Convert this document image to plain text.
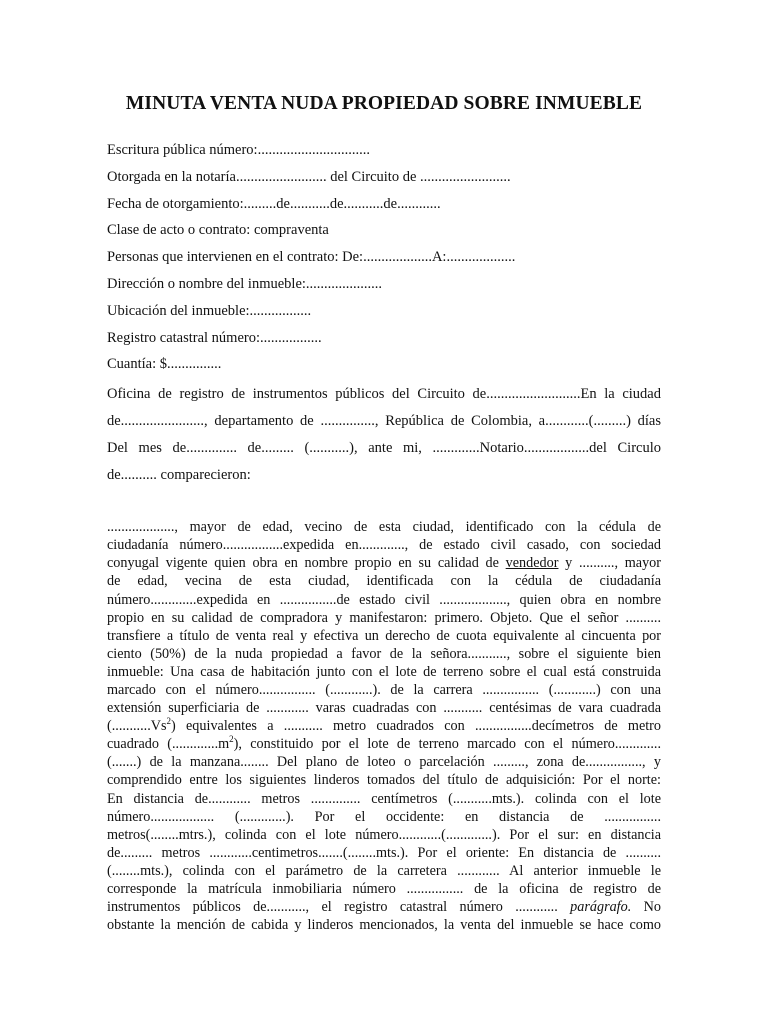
MINUTA VENTA NUDA PROPIEDAD SOBRE INMUEBLE
Escritura pública número:...............................
Otorgada en la notaría......................... del Circuito de .........................
Fecha de otorgamiento:.........de...........de...........de............
Clase de acto o contrato: compraventa
Personas que intervienen en el contrato: De:...................A:...................
Dirección o nombre del inmueble:.....................
Ubicación del inmueble:.................
Registro catastral número:.................
Cuantía: $...............
Oficina de registro de instrumentos públicos del Circuito de..........................En la ciudad
de......................., departamento de ..............., República de Colombia, a............(.........) días
Del mes de.............. de......... (...........), ante mi, .............Notario..................del Circulo
de.......... comparecieron:
..................., mayor de edad, vecino de esta ciudad, identificado con la cédula de
ciudadanía número.................expedida en............., de estado civil casado, con sociedad
conyugal vigente quien obra en nombre propio en su calidad de vendedor y .........., mayor
de edad, vecina de esta ciudad, identificada con la cédula de ciudadanía
número.............expedida en ................de estado civil ..................., quien obra en nombre
propio en su calidad de compradora y manifestaron: primero. Objeto. Que el señor ..........
transfiere a título de venta real y efectiva un derecho de cuota equivalente al cincuenta por
ciento (50%) de la nuda propiedad a favor de la señora..........., sobre el siguiente bien
inmueble: Una casa de habitación junto con el lote de terreno sobre el cual está construida
marcado con el número................ (............). de la carrera ................ (............) con una
extensión superficiaria de ............ varas cuadradas con ........... centésimas de vara cuadrada
(...........Vs$^2$) equivalentes a ........... metro cuadrados con ................decímetros de metro
cuadrado $(.............m^2)$, constituido por el lote de terreno marcado con el número.............
(.......) de la manzana........ Del plano de loteo o parcelación ........., zona de................, y
comprendido entre los siguientes linderos tomados del título de adquisición: Por el norte:
En distancia de............ metros .............. centímetros (...........mts.). colinda con el lote
número.................. (.............). Por el occidente: en distancia de ................
metros(........mtrs.), colinda con el lote número............(.............). Por el sur: en distancia
de......... metros ............centimetros.......(........mts.). Por el oriente: En distancia de ..........
(........mts.), colinda con el parámetro de la carretera ............ Al anterior inmueble le
corresponde la matrícula inmobiliaria número ................ de la oficina de registro de
instrumentos públicos de..........., el registro catastral número ............ parágrafo. No
obstante la mención de cabida y linderos mencionados, la venta del inmueble se hace como
